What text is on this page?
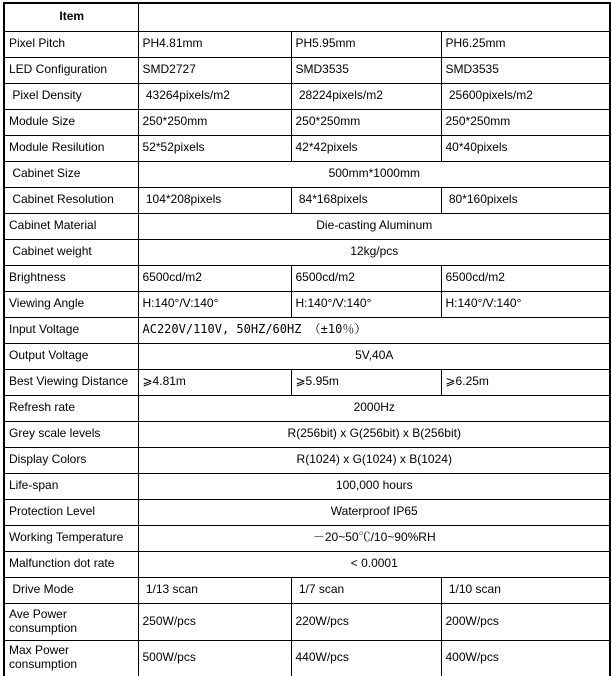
Item			
Pixel Pitch	PH4.81mm	PH5.95mm	PH6.25mm
LED Configuration	SMD2727	SMD3535	SMD3535
Pixel Density	43264pixels/m2	28224pixels/m2	25600pixels/m2
Module Size	250*250mm	250*250mm	250*250mm
Module Resilution	52*52pixels	42*42pixels	40*40pixels
Cabinet Size	500mm*1000mm		
Cabinet Resolution	104*208pixels	84*168pixels	80*160pixels
Cabinet Material	Die-casting Aluminum		
Cabinet weight	12kg/pcs		
Brightness	6500cd/m2	6500cd/m2	6500cd/m2
Viewing Angle	H:140°/V:140°	H:140°/V:140°	H:140°/V:140°
Input Voltage	AC220V/110V, 50HZ/60HZ （±10％）		
Output Voltage	5V,40A		
Best Viewing Distance	⩾4.81m	⩾5.95m	⩾6.25m
Refresh rate	2000Hz		
Grey scale levels	R(256bit) x G(256bit) x B(256bit)		
Display Colors	R(1024) x G(1024) x B(1024)		
Life-span	100,000 hours		
Protection Level	Waterproof IP65		
Working Temperature	－20~50℃/10~90%RH		
Malfunction dot rate	< 0.0001		
Drive Mode	1/13 scan	1/7 scan	1/10 scan
Ave Power consumption	250W/pcs	220W/pcs	200W/pcs
Max Power consumption	500W/pcs	440W/pcs	400W/pcs
